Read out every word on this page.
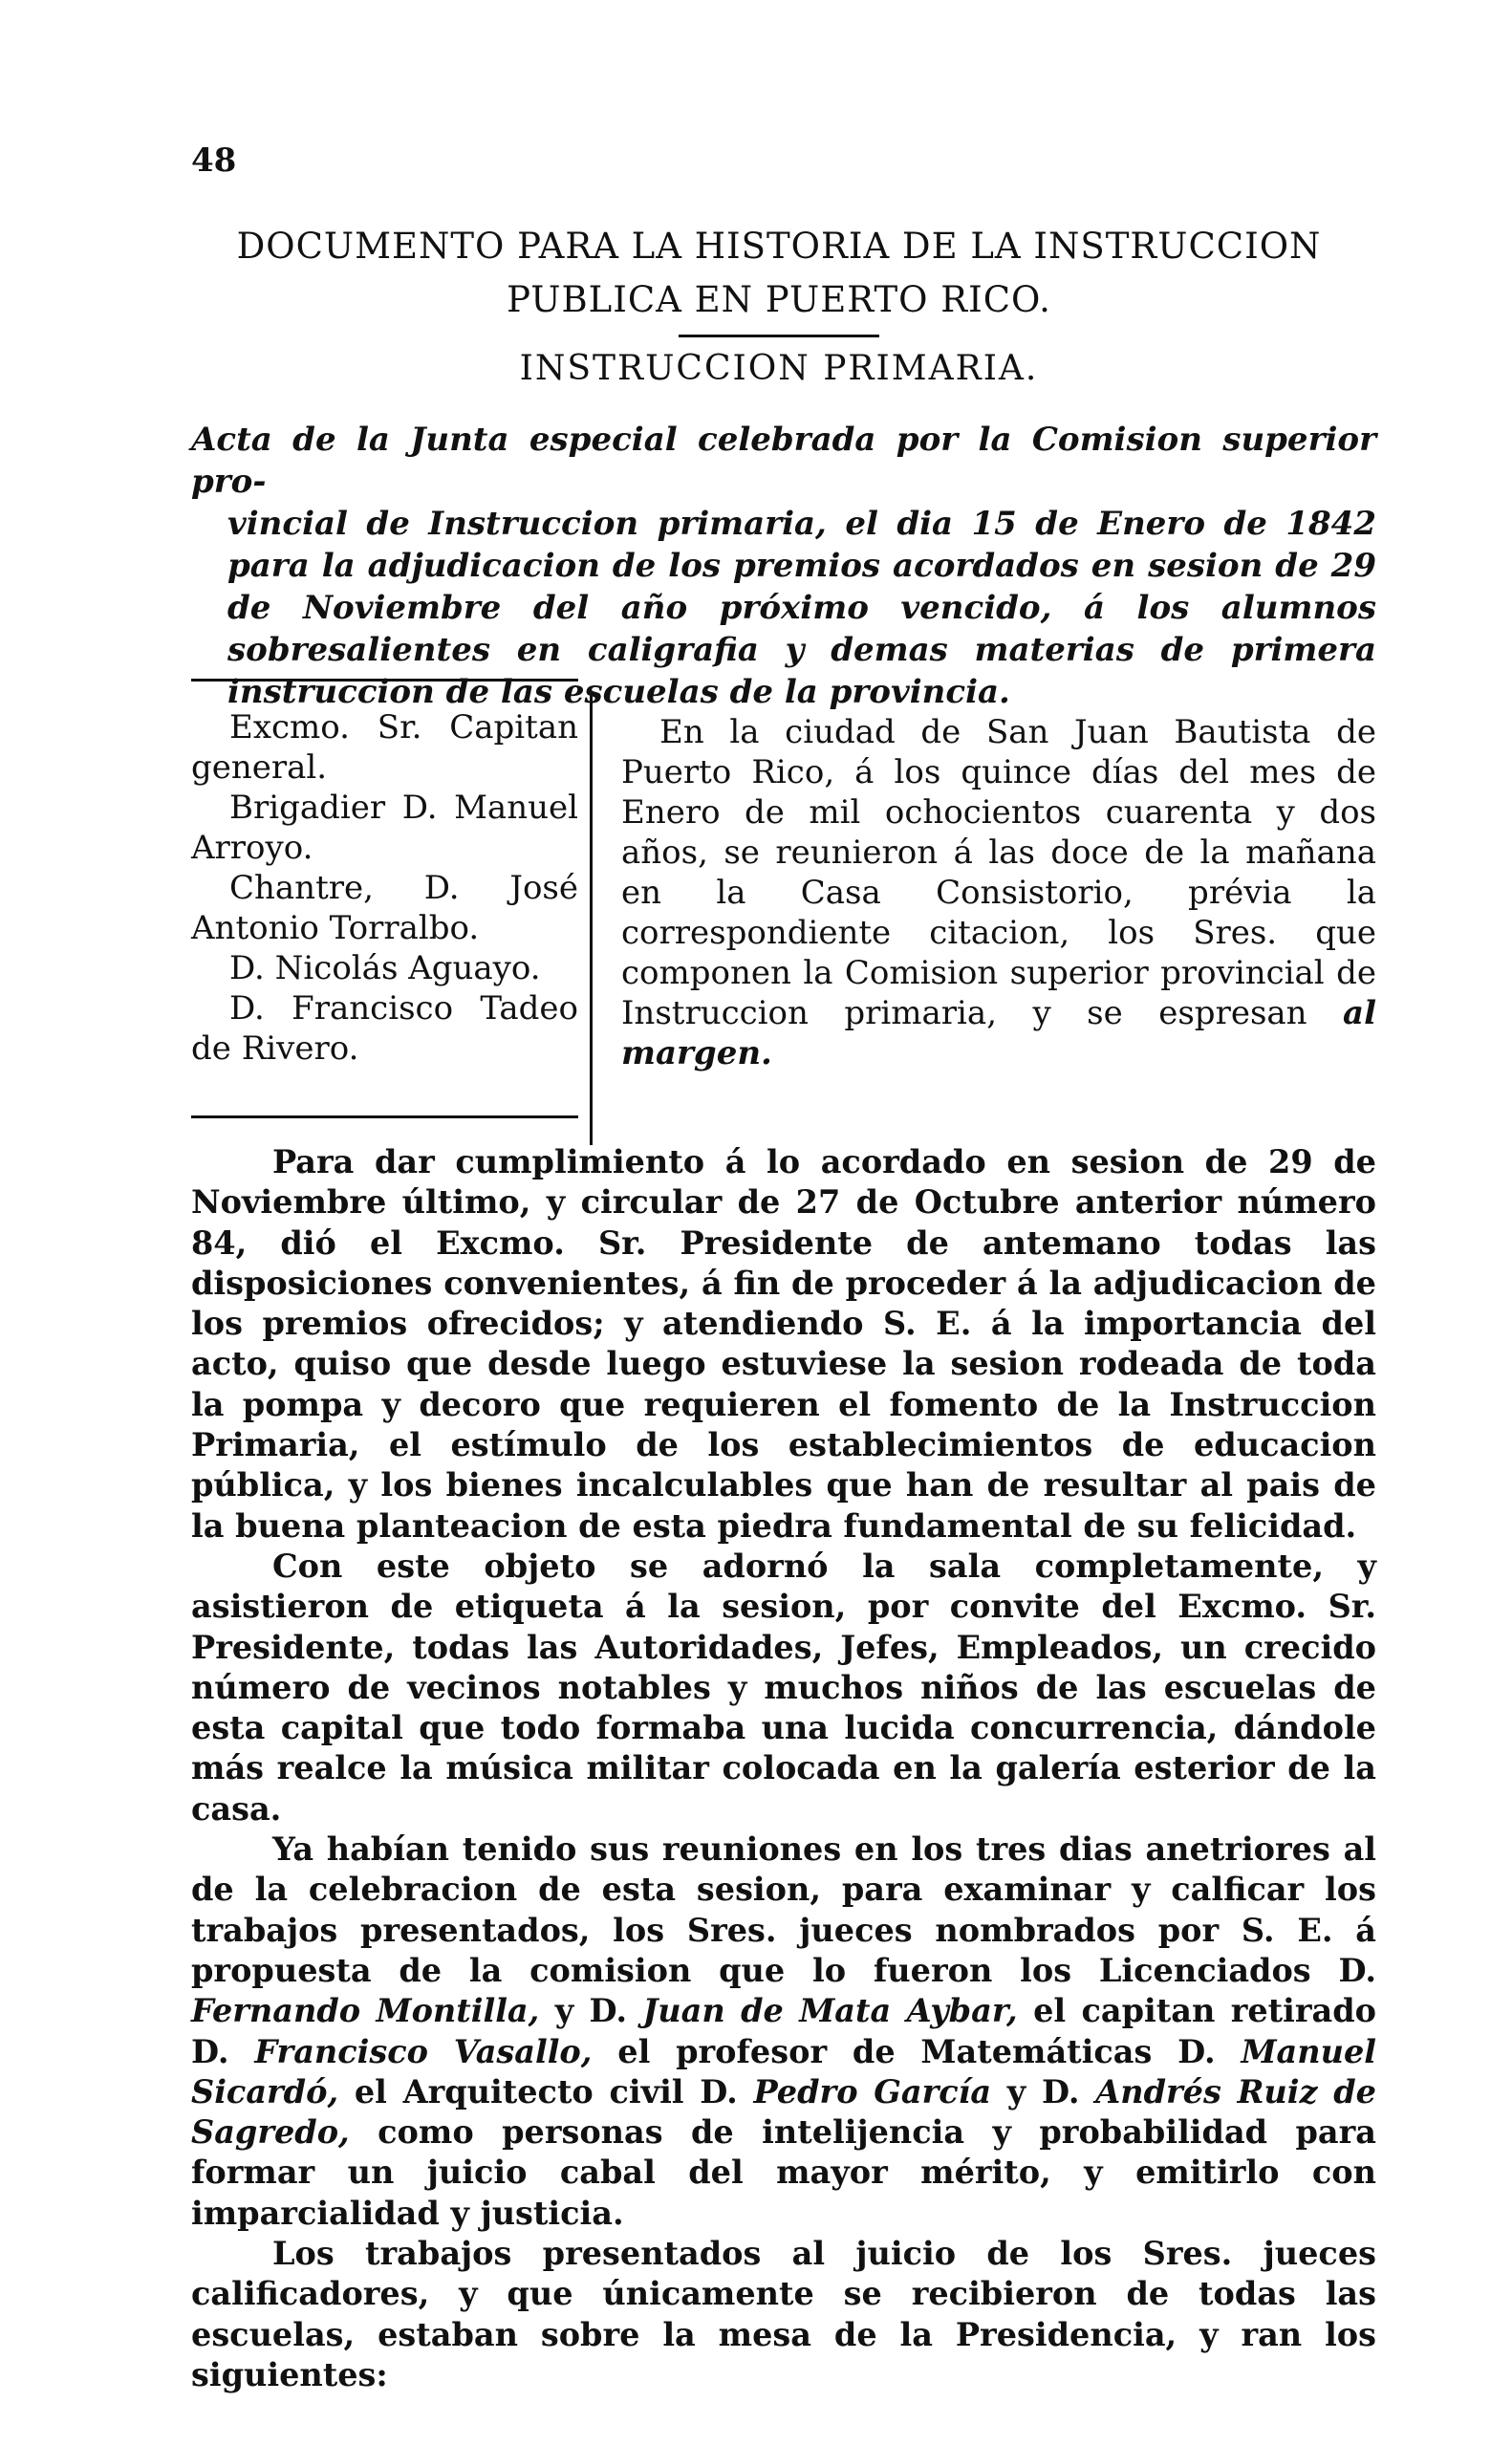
48
DOCUMENTO PARA LA HISTORIA DE LA INSTRUCCION
PUBLICA EN PUERTO RICO.
INSTRUCCION PRIMARIA.
Acta de la Junta especial celebrada por la Comision superior pro-
vincial de Instruccion primaria, el dia 15 de Enero de 1842 para la adjudicacion de los premios acordados en sesion de 29 de Noviembre del año próximo vencido, á los alumnos sobresalientes en caligrafia y demas materias de primera instruccion de las escuelas de la provincia.
Excmo. Sr. Capitan general.
Brigadier D. Manuel Arroyo.
Chantre, D. José Antonio Torralbo.
D. Nicolás Aguayo.
D. Francisco Tadeo de Rivero.
En la ciudad de San Juan Bautista de Puerto Rico, á los quince días del mes de Enero de mil ochocientos cuarenta y dos años, se reunieron á las doce de la mañana en la Casa Consistorio, prévia la correspondiente citacion, los Sres. que componen la Comision superior provincial de Instruccion primaria, y se espresan al margen.

Para dar cumplimiento á lo acordado en sesion de 29 de Noviembre último, y circular de 27 de Octubre anterior número 84, dió el Excmo. Sr. Presidente de antemano todas las disposiciones convenientes, á fin de proceder á la adjudicacion de los premios ofrecidos; y atendiendo S. E. á la importancia del acto, quiso que desde luego estuviese la sesion rodeada de toda la pompa y decoro que requieren el fomento de la Instruccion Primaria, el estímulo de los establecimientos de educacion pública, y los bienes incalculables que han de resultar al pais de la buena planteacion de esta piedra fundamental de su felicidad.

Con este objeto se adornó la sala completamente, y asistieron de etiqueta á la sesion, por convite del Excmo. Sr. Presidente, todas las Autoridades, Jefes, Empleados, un crecido número de vecinos notables y muchos niños de las escuelas de esta capital que todo formaba una lucida concurrencia, dándole más realce la música militar colocada en la galería esterior de la casa.

Ya habían tenido sus reuniones en los tres dias anetriores al de la celebracion de esta sesion, para examinar y calficar los trabajos presentados, los Sres. jueces nombrados por S. E. á propuesta de la comision que lo fueron los Licenciados D. Fernando Montilla, y D. Juan de Mata Aybar, el capitan retirado D. Francisco Vasallo, el profesor de Matemáticas D. Manuel Sicardó, el Arquitecto civil D. Pedro García y D. Andrés Ruiz de Sagredo, como personas de intelijencia y probabilidad para formar un juicio cabal del mayor mérito, y emitirlo con imparcialidad y justicia.

Los trabajos presentados al juicio de los Sres. jueces calificadores, y que únicamente se recibieron de todas las escuelas, estaban sobre la mesa de la Presidencia, y ran los siguientes:
